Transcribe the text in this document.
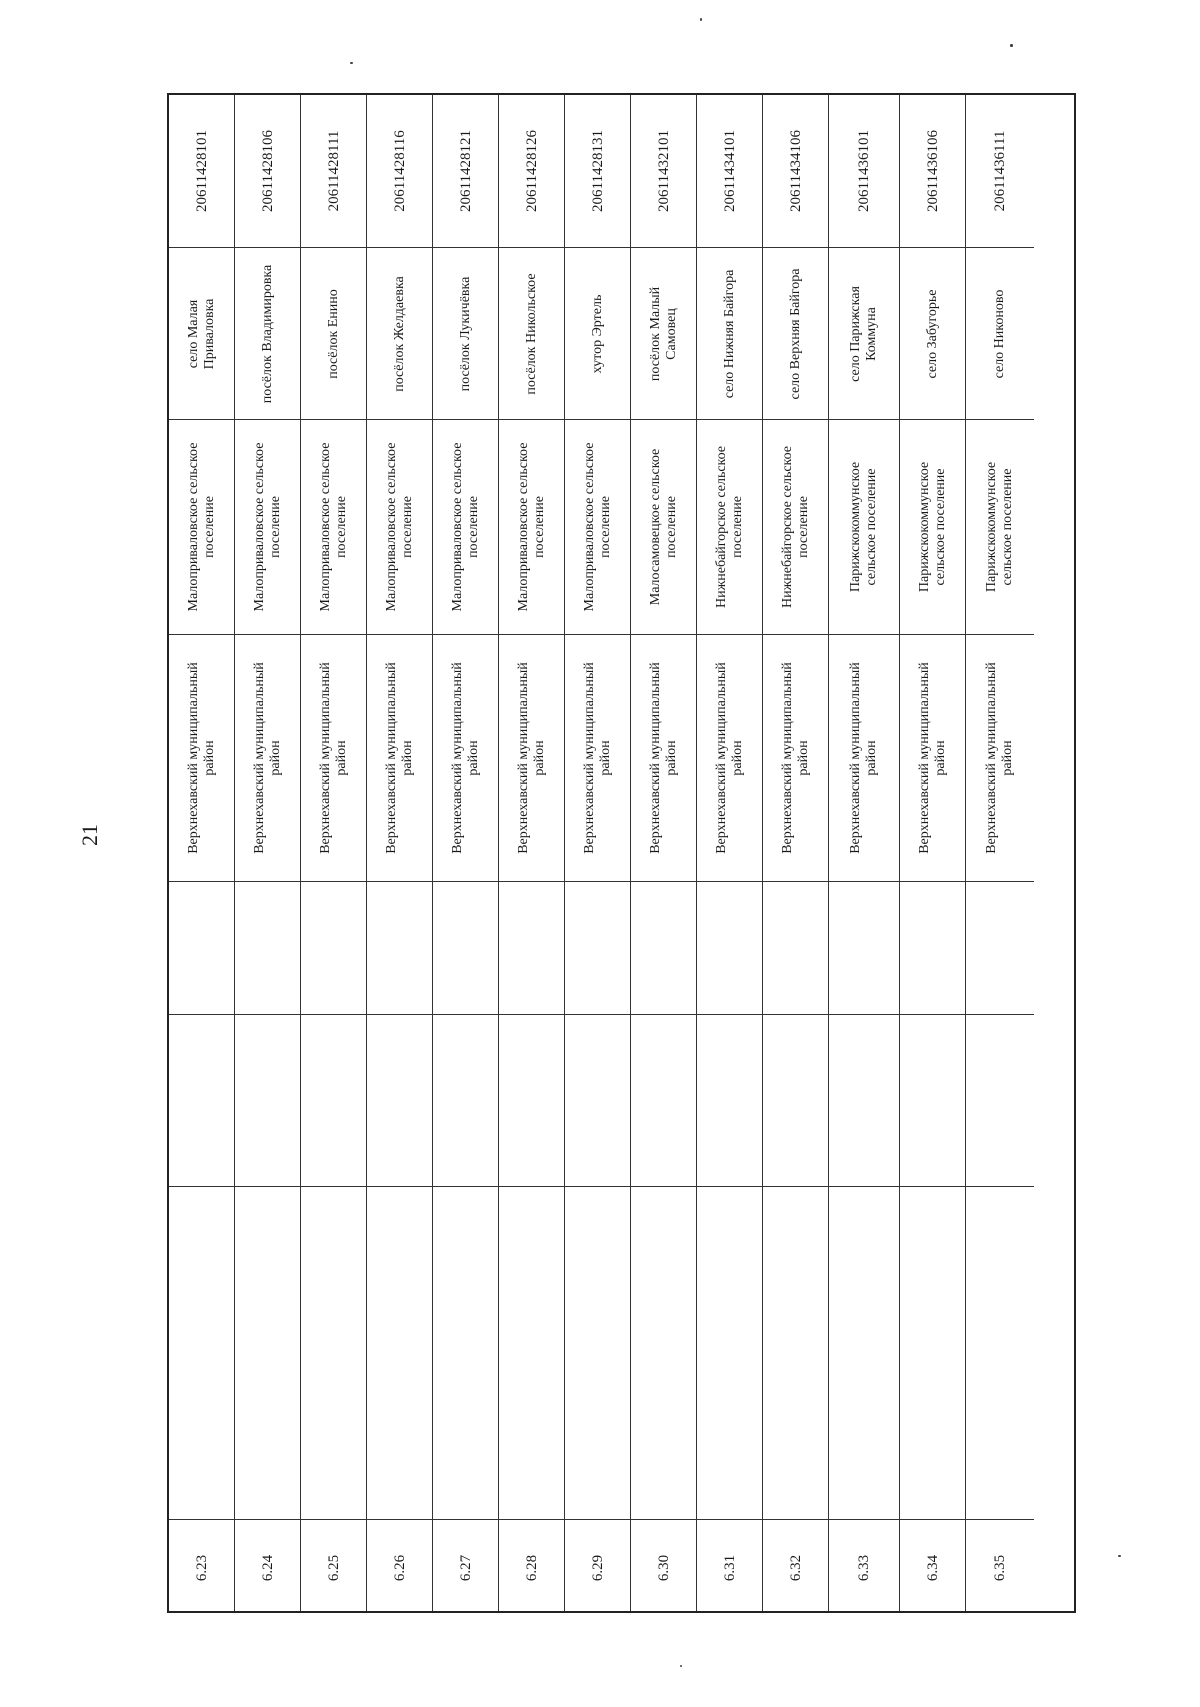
21
6.23
Верхнехавский муниципальный район
Малоприваловское сельское поселение
село Малая Приваловка
20611428101
6.24
Верхнехавский муниципальный район
Малоприваловское сельское поселение
посёлок Владимировка
20611428106
6.25
Верхнехавский муниципальный район
Малоприваловское сельское поселение
посёлок Енино
20611428111
6.26
Верхнехавский муниципальный район
Малоприваловское сельское поселение
посёлок Желдаевка
20611428116
6.27
Верхнехавский муниципальный район
Малоприваловское сельское поселение
посёлок Лукичёвка
20611428121
6.28
Верхнехавский муниципальный район
Малоприваловское сельское поселение
посёлок Никольское
20611428126
6.29
Верхнехавский муниципальный район
Малоприваловское сельское поселение
хутор Эртель
20611428131
6.30
Верхнехавский муниципальный район
Малосамовецкое сельское поселение
посёлок Малый Самовец
20611432101
6.31
Верхнехавский муниципальный район
Нижнебайгорское сельское поселение
село Нижняя Байгора
20611434101
6.32
Верхнехавский муниципальный район
Нижнебайгорское сельское поселение
село Верхняя Байгора
20611434106
6.33
Верхнехавский муниципальный район
Парижскокоммунское сельское поселение
село Парижская Коммуна
20611436101
6.34
Верхнехавский муниципальный район
Парижскокоммунское сельское поселение
село Забугорье
20611436106
6.35
Верхнехавский муниципальный район
Парижскокоммунское сельское поселение
село Никоново
20611436111
